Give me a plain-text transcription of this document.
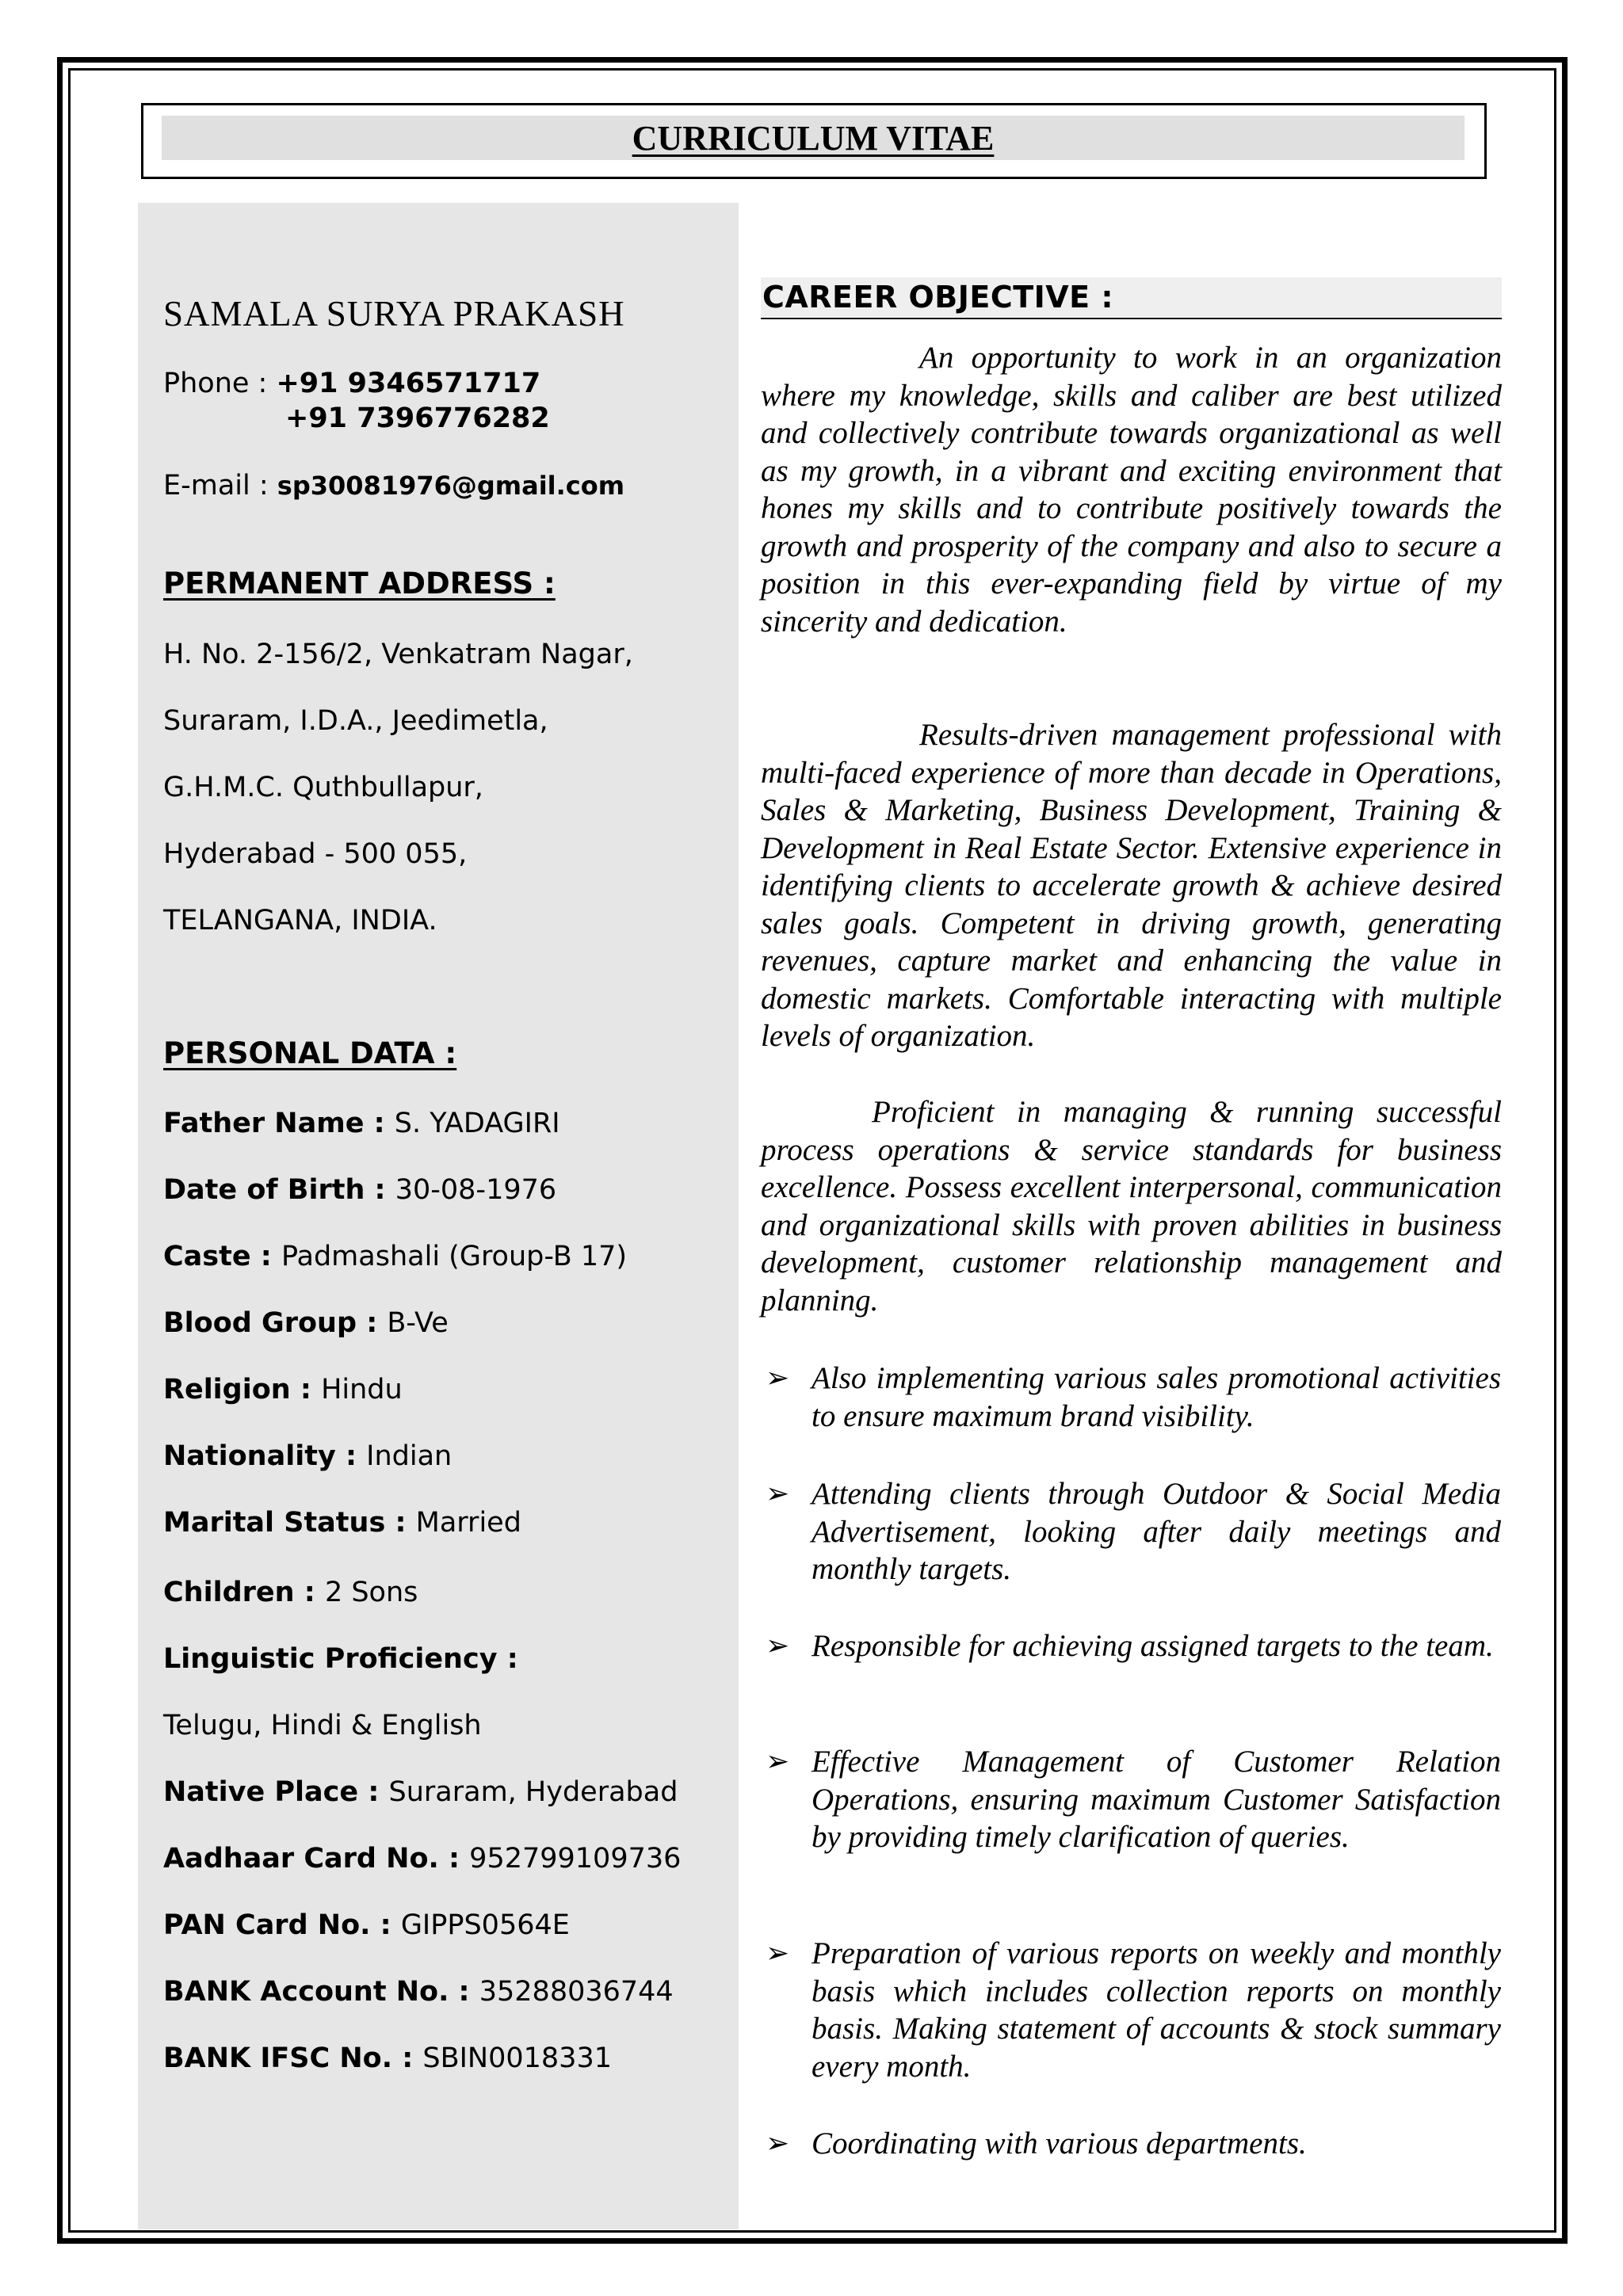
CURRICULUM VITAE
SAMALA SURYA PRAKASH
Phone : +91 9346571717
+91 7396776282
E-mail : sp30081976@gmail.com
PERMANENT ADDRESS :
H. No. 2-156/2, Venkatram Nagar,
Suraram, I.D.A., Jeedimetla,
G.H.M.C. Quthbullapur,
Hyderabad - 500 055,
TELANGANA, INDIA.
PERSONAL DATA :
Father Name : S. YADAGIRI
Date of Birth : 30-08-1976
Caste : Padmashali (Group-B 17)
Blood Group : B-Ve
Religion : Hindu
Nationality : Indian
Marital Status : Married
Children : 2 Sons
Linguistic Proficiency :
Telugu, Hindi & English
Native Place : Suraram, Hyderabad
Aadhaar Card No. : 952799109736
PAN Card No. : GIPPS0564E
BANK Account No. : 35288036744
BANK IFSC No. : SBIN0018331
CAREER OBJECTIVE :

An opportunity to work in an organization where my knowledge, skills and caliber are best utilized and collectively contribute towards organizational as well as my growth, in a vibrant and exciting environment that hones my skills and to contribute positively towards the growth and prosperity of the company and also to secure a position in this ever-expanding field by virtue of my sincerity and dedication.

Results-driven management professional with multi-faced experience of more than decade in Operations, Sales & Marketing, Business Development, Training & Development in Real Estate Sector. Extensive experience in identifying clients to accelerate growth & achieve desired sales goals. Competent in driving growth, generating revenues, capture market and enhancing the value in domestic markets. Comfortable interacting with multiple levels of organization.

Proficient in managing & running successful process operations & service standards for business excellence. Possess excellent interpersonal, communication and organizational skills with proven abilities in business development, customer relationship management and planning.

➢ Also implementing various sales promotional activities to ensure maximum brand visibility.

➢ Attending clients through Outdoor & Social Media Advertisement, looking after daily meetings and monthly targets.

➢ Responsible for achieving assigned targets to the team.

➢ Effective Management of Customer Relation Operations, ensuring maximum Customer Satisfaction by providing timely clarification of queries.

➢ Preparation of various reports on weekly and monthly basis which includes collection reports on monthly basis. Making statement of accounts & stock summary every month.

➢ Coordinating with various departments.
